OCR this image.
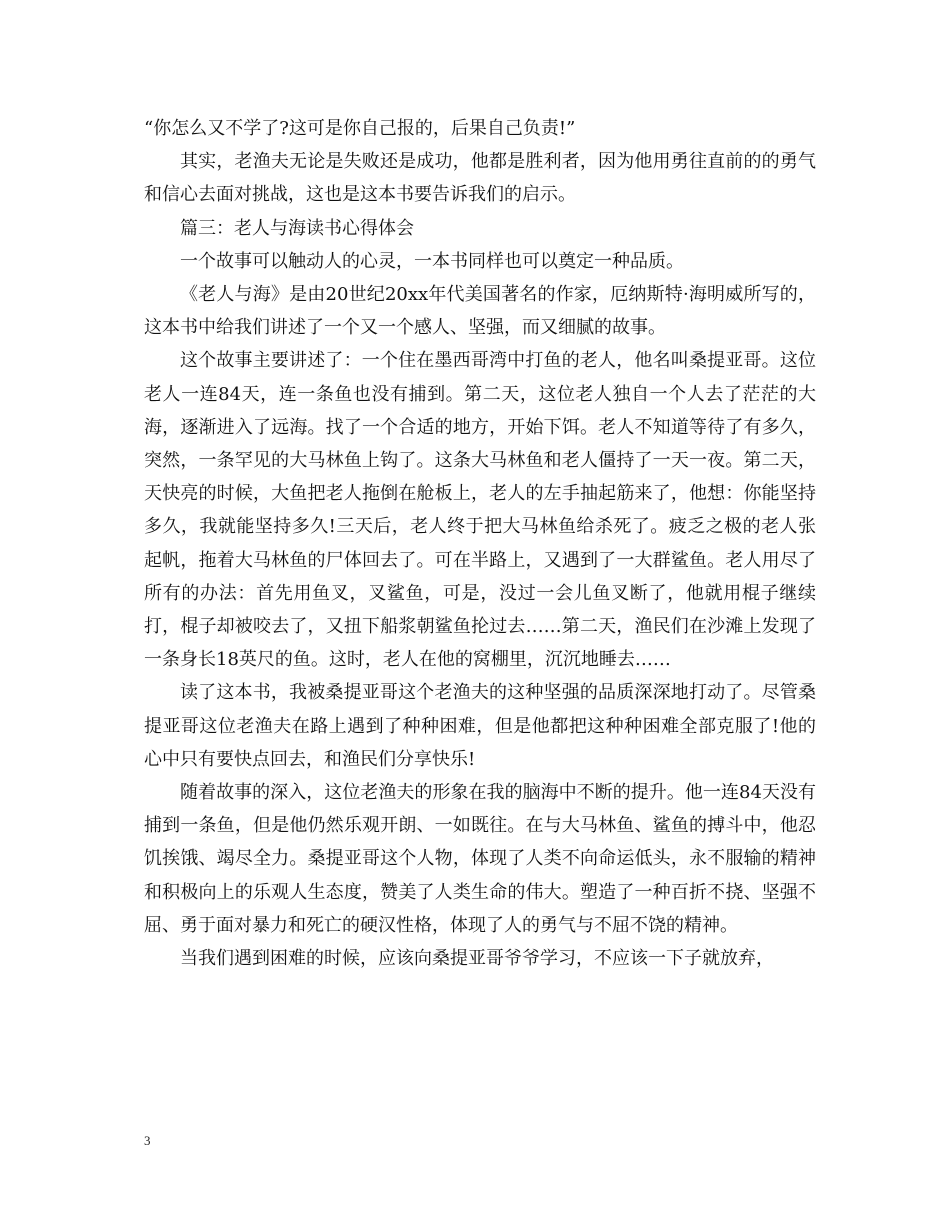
“你怎么又不学了?这可是你自己报的，后果自己负责!”

其实，老渔夫无论是失败还是成功，他都是胜利者，因为他用勇往直前的的勇气和信心去面对挑战，这也是这本书要告诉我们的启示。

篇三：老人与海读书心得体会

一个故事可以触动人的心灵，一本书同样也可以奠定一种品质。

《老人与海》是由20世纪20xx年代美国著名的作家，厄纳斯特·海明威所写的，这本书中给我们讲述了一个又一个感人、坚强，而又细腻的故事。

这个故事主要讲述了：一个住在墨西哥湾中打鱼的老人，他名叫桑提亚哥。这位老人一连84天，连一条鱼也没有捕到。第二天，这位老人独自一个人去了茫茫的大海，逐渐进入了远海。找了一个合适的地方，开始下饵。老人不知道等待了有多久，突然，一条罕见的大马林鱼上钩了。这条大马林鱼和老人僵持了一天一夜。第二天，天快亮的时候，大鱼把老人拖倒在舱板上，老人的左手抽起筋来了，他想：你能坚持多久，我就能坚持多久!三天后，老人终于把大马林鱼给杀死了。疲乏之极的老人张起帆，拖着大马林鱼的尸体回去了。可在半路上，又遇到了一大群鲨鱼。老人用尽了所有的办法：首先用鱼叉，叉鲨鱼，可是，没过一会儿鱼叉断了，他就用棍子继续打，棍子却被咬去了，又扭下船浆朝鲨鱼抡过去……第二天，渔民们在沙滩上发现了一条身长18英尺的鱼。这时，老人在他的窝棚里，沉沉地睡去……

读了这本书，我被桑提亚哥这个老渔夫的这种坚强的品质深深地打动了。尽管桑提亚哥这位老渔夫在路上遇到了种种困难，但是他都把这种种困难全部克服了!他的心中只有要快点回去，和渔民们分享快乐!

随着故事的深入，这位老渔夫的形象在我的脑海中不断的提升。他一连84天没有捕到一条鱼，但是他仍然乐观开朗、一如既往。在与大马林鱼、鲨鱼的搏斗中，他忍饥挨饿、竭尽全力。桑提亚哥这个人物，体现了人类不向命运低头，永不服输的精神和积极向上的乐观人生态度，赞美了人类生命的伟大。塑造了一种百折不挠、坚强不屈、勇于面对暴力和死亡的硬汉性格，体现了人的勇气与不屈不饶的精神。

当我们遇到困难的时候，应该向桑提亚哥爷爷学习，不应该一下子就放弃，

3
